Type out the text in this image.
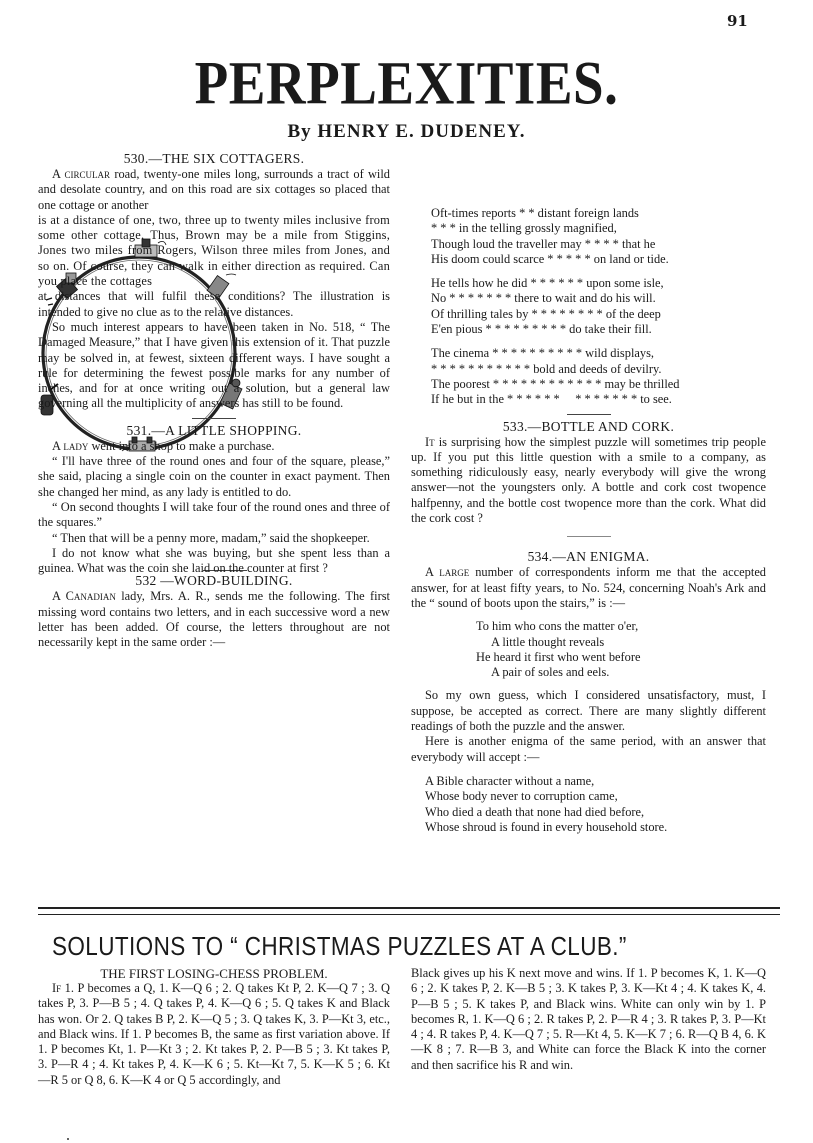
91
PERPLEXITIES.
By HENRY E. DUDENEY.
530.—THE SIX COTTAGERS.

A circular road, twenty-one miles long, surrounds a tract of wild and desolate country, and on this road are six cottages so placed that one cottage or another

is at a distance of one, two, three up to twenty miles inclusive from some other cottage. Thus, Brown may be a mile from Stiggins, Jones two miles from Rogers, Wilson three miles from Jones, and so on. Of course, they can walk in either direction as required. Can you place the cottages

at distances that will fulfil these conditions? The illustration is intended to give no clue as to the relative distances.

So much interest appears to have been taken in No. 518, “ The Damaged Measure,” that I have given this extension of it. That puzzle may be solved in, at fewest, sixteen different ways. I have sought a rule for determining the fewest possible marks for any number of inches, and for at once writing out a solution, but a general law governing all the multiplicity of answers has still to be found.

531.—A LITTLE SHOPPING.

A lady went into a shop to make a purchase.

“ I'll have three of the round ones and four of the square, please,” she said, placing a single coin on the counter in exact payment. Then she changed her mind, as any lady is entitled to do.

“ On second thoughts I will take four of the round ones and three of the squares.”

“ Then that will be a penny more, madam,” said the shopkeeper.

I do not know what she was buying, but she spent less than a guinea. What was the coin she laid on the counter at first ?

532 —WORD-BUILDING.

A Canadian lady, Mrs. A. R., sends me the following. The first missing word contains two letters, and in each successive word a new letter has been added. Of course, the letters throughout are not necessarily kept in the same order :—

Oft-times reports * * distant foreign lands
* * * in the telling grossly magnified,
Though loud the traveller may * * * * that he
His doom could scarce * * * * * on land or tide.
He tells how he did * * * * * * upon some isle,
No * * * * * * * there to wait and do his will.
Of thrilling tales by * * * * * * * * of the deep
E'en pious * * * * * * * * * do take their fill.
The cinema * * * * * * * * * * wild displays,
* * * * * * * * * * * bold and deeds of devilry.
The poorest * * * * * * * * * * * * may be thrilled
If he but in the * * * * * *     * * * * * * * to see.
533.—BOTTLE AND CORK.

It is surprising how the simplest puzzle will sometimes trip people up. If you put this little question with a smile to a company, as something ridiculously easy, nearly everybody will give the wrong answer—not the youngsters only. A bottle and cork cost twopence halfpenny, and the bottle cost twopence more than the cork. What did the cork cost ?

534.—AN ENIGMA.

A large number of correspondents inform me that the accepted answer, for at least fifty years, to No. 524, concerning Noah's Ark and the “ sound of boots upon the stairs,” is :—

To him who cons the matter o'er,
A little thought reveals
He heard it first who went before
A pair of soles and eels.

So my own guess, which I considered unsatisfactory, must, I suppose, be accepted as correct. There are many slightly different readings of both the puzzle and the answer.

Here is another enigma of the same period, with an answer that everybody will accept :—

A Bible character without a name,
Whose body never to corruption came,
Who died a death that none had died before,
Whose shroud is found in every household store.
SOLUTIONS TO “ CHRISTMAS PUZZLES AT A CLUB.”
THE FIRST LOSING-CHESS PROBLEM.

If 1. P becomes a Q, 1. K—Q 6 ; 2. Q takes Kt P, 2. K—Q 7 ; 3. Q takes P, 3. P—B 5 ; 4. Q takes P, 4. K—Q 6 ; 5. Q takes K and Black has won. Or 2. Q takes B P, 2. K—Q 5 ; 3. Q takes K, 3. P—Kt 3, etc., and Black wins. If 1. P becomes B, the same as first variation above. If 1. P becomes Kt, 1. P—Kt 3 ; 2. Kt takes P, 2. P—B 5 ; 3. Kt takes P, 3. P—R 4 ; 4. Kt takes P, 4. K—K 6 ; 5. Kt—Kt 7, 5. K—K 5 ; 6. Kt—R 5 or Q 8, 6. K—K 4 or Q 5 accordingly, and

Black gives up his K next move and wins. If 1. P becomes K, 1. K—Q 6 ; 2. K takes P, 2. K—B 5 ; 3. K takes P, 3. K—Kt 4 ; 4. K takes K, 4. P—B 5 ; 5. K takes P, and Black wins. White can only win by 1. P becomes R, 1. K—Q 6 ; 2. R takes P, 2. P—R 4 ; 3. R takes P, 3. P—Kt 4 ; 4. R takes P, 4. K—Q 7 ; 5. R—Kt 4, 5. K—K 7 ; 6. R—Q B 4, 6. K—K 8 ; 7. R—B 3, and White can force the Black K into the corner and then sacrifice his R and win.
